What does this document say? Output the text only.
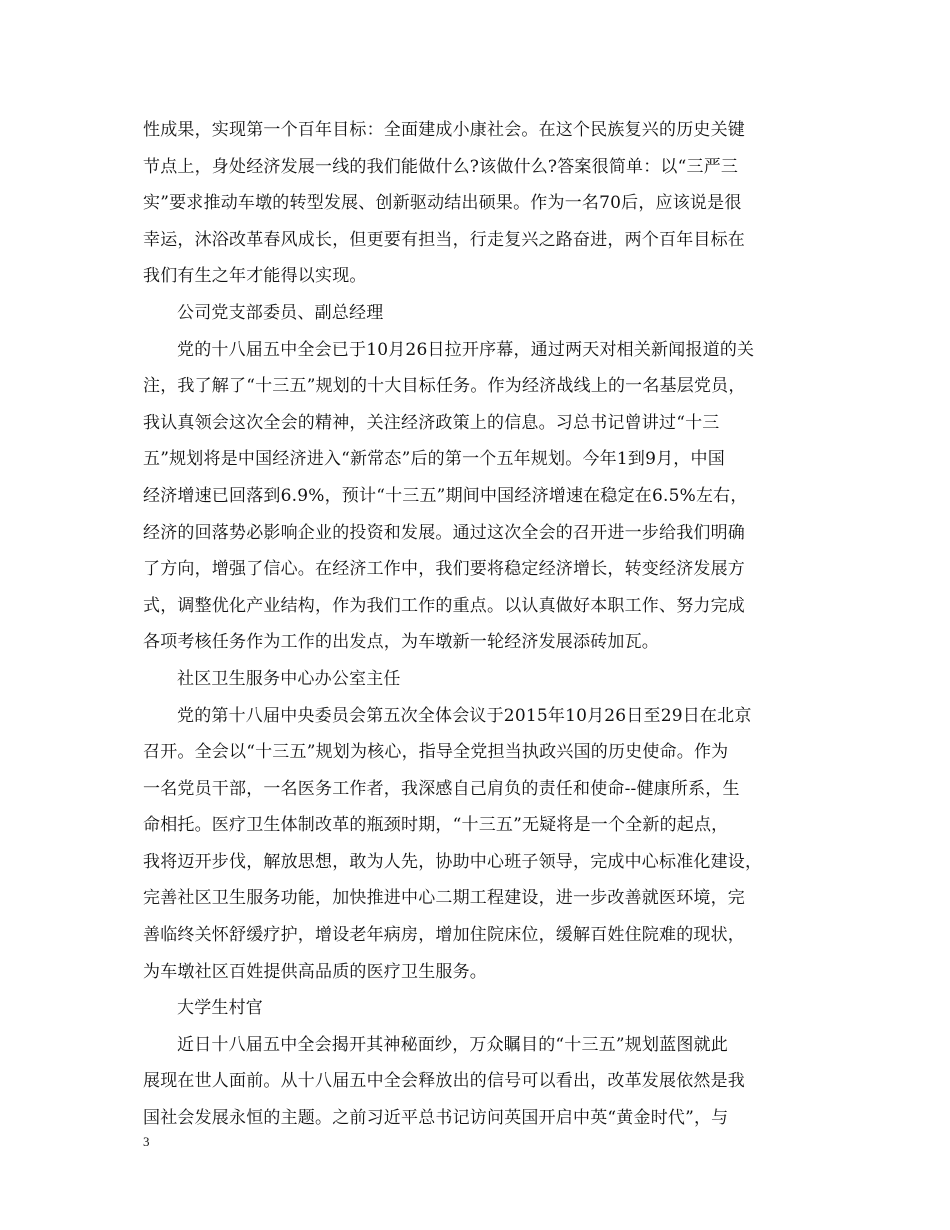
性成果，实现第一个百年目标：全面建成小康社会。在这个民族复兴的历史关键
节点上，身处经济发展一线的我们能做什么?该做什么?答案很简单：以“三严三
实”要求推动车墩的转型发展、创新驱动结出硕果。作为一名70后，应该说是很
幸运，沐浴改革春风成长，但更要有担当，行走复兴之路奋进，两个百年目标在
我们有生之年才能得以实现。
公司党支部委员、副总经理
党的十八届五中全会已于10月26日拉开序幕，通过两天对相关新闻报道的关
注，我了解了“十三五”规划的十大目标任务。作为经济战线上的一名基层党员，
我认真领会这次全会的精神，关注经济政策上的信息。习总书记曾讲过“十三
五”规划将是中国经济进入“新常态”后的第一个五年规划。今年1到9月，中国
经济增速已回落到6.9%，预计“十三五”期间中国经济增速在稳定在6.5%左右，
经济的回落势必影响企业的投资和发展。通过这次全会的召开进一步给我们明确
了方向，增强了信心。在经济工作中，我们要将稳定经济增长，转变经济发展方
式，调整优化产业结构，作为我们工作的重点。以认真做好本职工作、努力完成
各项考核任务作为工作的出发点，为车墩新一轮经济发展添砖加瓦。
社区卫生服务中心办公室主任
党的第十八届中央委员会第五次全体会议于2015年10月26日至29日在北京
召开。全会以“十三五”规划为核心，指导全党担当执政兴国的历史使命。作为
一名党员干部，一名医务工作者，我深感自己肩负的责任和使命--健康所系，生
命相托。医疗卫生体制改革的瓶颈时期，“十三五”无疑将是一个全新的起点，
我将迈开步伐，解放思想，敢为人先，协助中心班子领导，完成中心标准化建设，
完善社区卫生服务功能，加快推进中心二期工程建设，进一步改善就医环境，完
善临终关怀舒缓疗护，增设老年病房，增加住院床位，缓解百姓住院难的现状，
为车墩社区百姓提供高品质的医疗卫生服务。
大学生村官
近日十八届五中全会揭开其神秘面纱，万众瞩目的“十三五”规划蓝图就此
展现在世人面前。从十八届五中全会释放出的信号可以看出，改革发展依然是我
国社会发展永恒的主题。之前习近平总书记访问英国开启中英“黄金时代”，与
3
